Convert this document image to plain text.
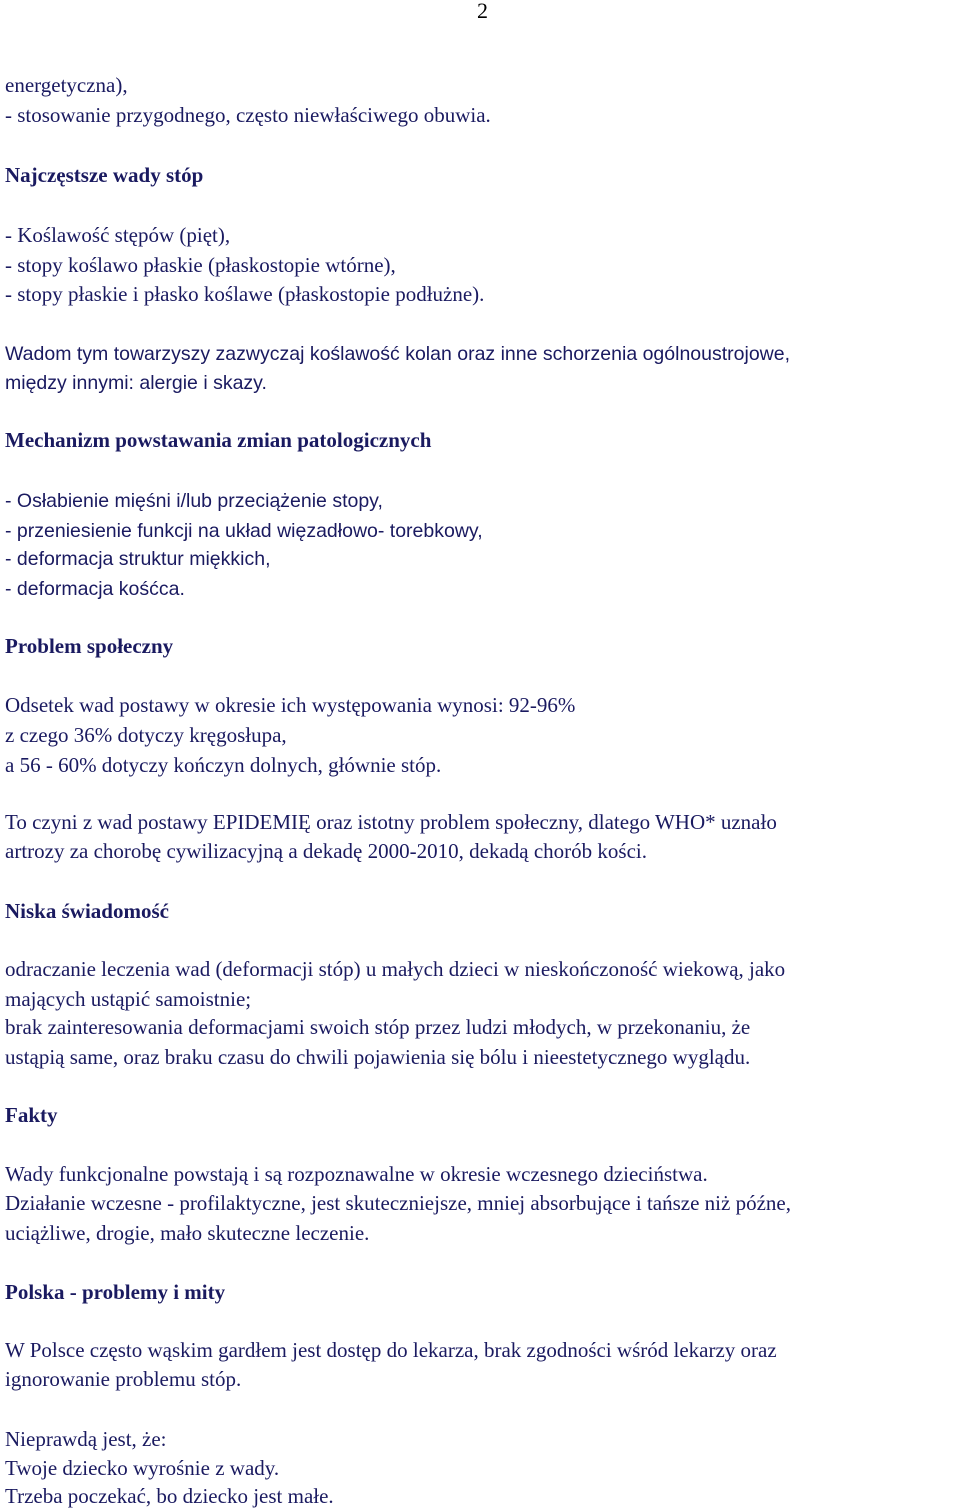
2
energetyczna),
- stosowanie przygodnego, często niewłaściwego obuwia.
Najczęstsze wady stóp
- Koślawość stępów (pięt),
- stopy koślawo płaskie (płaskostopie wtórne),
- stopy płaskie i płasko koślawe (płaskostopie podłużne).
Wadom tym towarzyszy zazwyczaj koślawość kolan oraz inne schorzenia ogólnoustrojowe,
między innymi: alergie i skazy.
Mechanizm powstawania zmian patologicznych
- Osłabienie mięśni i/lub przeciążenie stopy,
- przeniesienie funkcji na układ więzadłowo- torebkowy,
- deformacja struktur miękkich,
- deformacja kośćca.
Problem społeczny
Odsetek wad postawy w okresie ich występowania wynosi: 92-96%
z czego 36% dotyczy kręgosłupa,
a 56 - 60% dotyczy kończyn dolnych, głównie stóp.
To czyni z wad postawy EPIDEMIĘ oraz istotny problem społeczny, dlatego WHO* uznało
artrozy za chorobę cywilizacyjną a dekadę 2000-2010, dekadą chorób kości.
Niska świadomość
odraczanie leczenia wad (deformacji stóp) u małych dzieci w nieskończoność wiekową, jako
mających ustąpić samoistnie;
brak zainteresowania deformacjami swoich stóp przez ludzi młodych, w przekonaniu, że
ustąpią same, oraz braku czasu do chwili pojawienia się bólu i nieestetycznego wyglądu.
Fakty
Wady funkcjonalne powstają i są rozpoznawalne w okresie wczesnego dzieciństwa.
Działanie wczesne - profilaktyczne, jest skuteczniejsze, mniej absorbujące i tańsze niż późne,
uciążliwe, drogie, mało skuteczne leczenie.
Polska - problemy i mity
W Polsce często wąskim gardłem jest dostęp do lekarza, brak zgodności wśród lekarzy oraz
ignorowanie problemu stóp.
Nieprawdą jest, że:
Twoje dziecko wyrośnie z wady.
Trzeba poczekać, bo dziecko jest małe.
